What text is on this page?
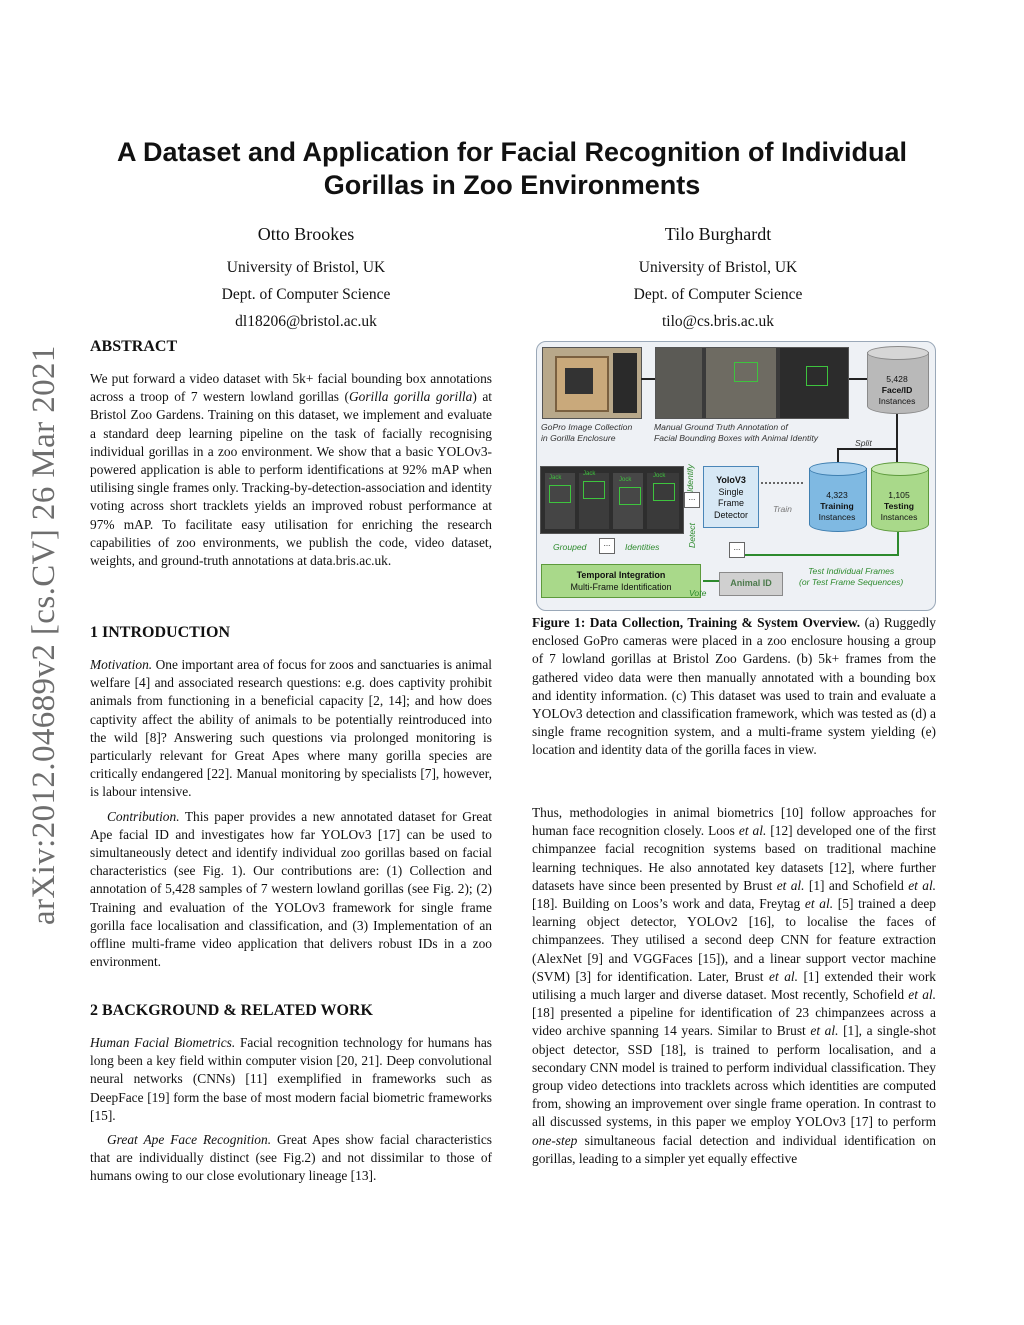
arXiv:2012.04689v2 [cs.CV] 26 Mar 2021
A Dataset and Application for Facial Recognition of Individual
Gorillas in Zoo Environments
Otto Brookes
University of Bristol, UK
Dept. of Computer Science
dl18206@bristol.ac.uk
Tilo Burghardt
University of Bristol, UK
Dept. of Computer Science
tilo@cs.bris.ac.uk
ABSTRACT

We put forward a video dataset with 5k+ facial bounding box annotations across a troop of 7 western lowland gorillas (Gorilla gorilla gorilla) at Bristol Zoo Gardens. Training on this dataset, we implement and evaluate a standard deep learning pipeline on the task of facially recognising individual gorillas in a zoo environment. We show that a basic YOLOv3-powered application is able to perform identifications at 92% mAP when utilising single frames only. Tracking-by-detection-association and identity voting across short tracklets yields an improved robust performance at 97% mAP. To facilitate easy utilisation for enriching the research capabilities of zoo environments, we publish the code, video dataset, weights, and ground-truth annotations at data.bris.ac.uk.

1 INTRODUCTION

Motivation. One important area of focus for zoos and sanctuaries is animal welfare [4] and associated research questions: e.g. does captivity prohibit animals from functioning in a beneficial capacity [2, 14]; and how does captivity affect the ability of animals to be potentially reintroduced into the wild [8]? Answering such questions via prolonged monitoring is particularly relevant for Great Apes where many gorilla species are critically endangered [22]. Manual monitoring by specialists [7], however, is labour intensive.

Contribution. This paper provides a new annotated dataset for Great Ape facial ID and investigates how far YOLOv3 [17] can be used to simultaneously detect and identify individual zoo gorillas based on facial characteristics (see Fig. 1). Our contributions are: (1) Collection and annotation of 5,428 samples of 7 western lowland gorillas (see Fig. 2); (2) Training and evaluation of the YOLOv3 framework for single frame gorilla face localisation and classification, and (3) Implementation of an offline multi-frame video application that delivers robust IDs in a zoo environment.

2 BACKGROUND & RELATED WORK

Human Facial Biometrics. Facial recognition technology for humans has long been a key field within computer vision [20, 21]. Deep convolutional neural networks (CNNs) [11] exemplified in frameworks such as DeepFace [19] form the base of most modern facial biometric frameworks [15].

Great Ape Face Recognition. Great Apes show facial characteristics that are individually distinct (see Fig.2) and not dissimilar to those of humans owing to our close evolutionary lineage [13].

GoPro Image Collection
in Gorilla Enclosure
Manual Ground Truth Annotation of
Facial Bounding Boxes with Animal Identity
5,428
Face/ID
Instances
Split
Jack
Jack
Jock
Jock
...
Identify
Detect
YoloV3
Single
Frame
Detector
Train
4,323
Training
Instances
1,105
Testing
Instances
Grouped	Identities
...	...
Temporal Integration
Multi-Frame Identification
Vote
Animal ID
Test Individual Frames
(or Test Frame Sequences)
Figure 1: Data Collection, Training & System Overview. (a) Ruggedly enclosed GoPro cameras were placed in a zoo enclosure housing a group of 7 lowland gorillas at Bristol Zoo Gardens. (b) 5k+ frames from the gathered video data were then manually annotated with a bounding box and identity information. (c) This dataset was used to train and evaluate a YOLOv3 detection and classification framework, which was tested as (d) a single frame recognition system, and a multi-frame system yielding (e) location and identity data of the gorilla faces in view.

Thus, methodologies in animal biometrics [10] follow approaches for human face recognition closely. Loos et al. [12] developed one of the first chimpanzee facial recognition systems based on traditional machine learning techniques. He also annotated key datasets [12], where further datasets have since been presented by Brust et al. [1] and Schofield et al. [18]. Building on Loos’s work and data, Freytag et al. [5] trained a deep learning object detector, YOLOv2 [16], to localise the faces of chimpanzees. They utilised a second deep CNN for feature extraction (AlexNet [9] and VGGFaces [15]), and a linear support vector machine (SVM) [3] for identification. Later, Brust et al. [1] extended their work utilising a much larger and diverse dataset. Most recently, Schofield et al. [18] presented a pipeline for identification of 23 chimpanzees across a video archive spanning 14 years. Similar to Brust et al. [1], a single-shot object detector, SSD [18], is trained to perform localisation, and a secondary CNN model is trained to perform individual classification. They group video detections into tracklets across which identities are computed from, showing an improvement over single frame operation. In contrast to all discussed systems, in this paper we employ YOLOv3 [17] to perform one-step simultaneous facial detection and individual identification on gorillas, leading to a simpler yet equally effective
